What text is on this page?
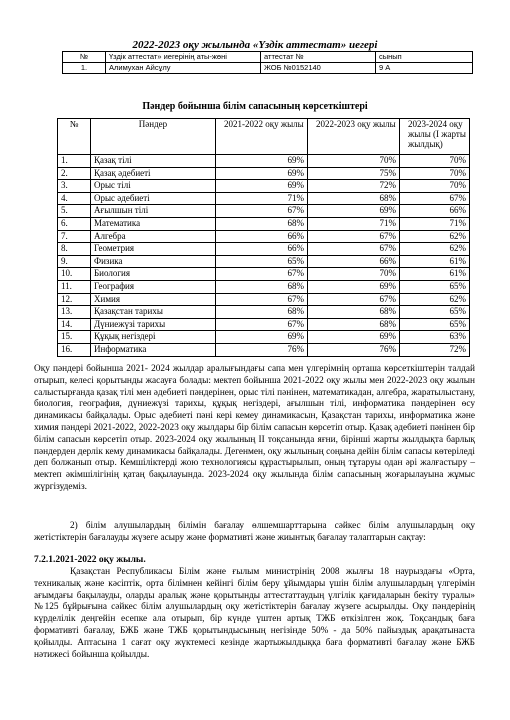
2022-2023 оқу жылында «Үздік аттестат» иегері
№	Үздік аттестат» иегерінің аты-жөні	аттестат №	сынып
1.	Алимухан Айсұлу	ЖОБ №0152140	9 А
Пәндер бойынша білім сапасының көрсеткіштері
№	Пәндер	2021-2022 оқу жылы	2022-2023 оқу жылы	2023-2024 оқу жылы (I жарты жылдық)
1.	Қазақ тілі	69%	70%	70%
2.	Қазақ әдебиеті	69%	75%	70%
3.	Орыс тілі	69%	72%	70%
4.	Орыс әдебиеті	71%	68%	67%
5.	Ағылшын тілі	67%	69%	66%
6.	Математика	68%	71%	71%
7.	Алгебра	66%	67%	62%
8.	Геометрия	66%	67%	62%
9.	Физика	65%	66%	61%
10.	Биология	67%	70%	61%
11.	География	68%	69%	65%
12.	Химия	67%	67%	62%
13.	Қазақстан тарихы	68%	68%	65%
14.	Дүниежүзі тарихы	67%	68%	65%
15.	Құқық негіздері	69%	69%	63%
16.	Информатика	76%	76%	72%
Оқу пәндері бойынша 2021- 2024 жылдар аралығындағы сапа мен үлгерімнің орташа көрсеткіштерін талдай отырып, келесі қорытынды жасауға болады: мектеп бойынша 2021-2022 оқу жылы мен 2022-2023 оқу жылын салыстырғанда қазақ тілі мен әдебиеті пәндерінен, орыс тілі пәнінен, математикадан, алгебра, жаратылыстану, биология, география, дүниежүзі тарихы, құқық негіздері, ағылшын тілі, информатика пәндерінен өсу динамикасы байқалады. Орыс әдебиеті пәні кері кемеу динамикасын, Қазақстан тарихы, информатика және химия пәндері 2021-2022, 2022-2023 оқу жылдары бір білім сапасын көрсетіп отыр. Қазақ әдебиеті пәнінен бір білім сапасын көрсетіп отыр. 2023-2024 оқу жылының II тоқсанында яғни, бірінші жарты жылдықта барлық пәндерден дерлік кему динамикасы байқалады. Дегенмен, оқу жылының соңына дейін білім сапасы көтеріледі деп болжанып отыр. Кемшіліктерді жою технологиясы құрастырылып, оның тұтаруы одан әрі жалғастыру – мектеп әкімшілігінің қатаң бақылауында. 2023-2024 оқу жылында білім сапасының жоғарылауына жұмыс жүргізудеміз.
2) білім алушылардың білімін бағалау өлшемшарттарына сәйкес білім алушылардың оқу жетістіктерін бағалауды жүзеге асыру және формативті және жиынтық бағалау талаптарын сақтау:
7.2.1.2021-2022 оқу жылы.
Қазақстан Республикасы Білім және ғылым министрінің 2008 жылғы 18 наурыздағы «Орта, техникалық және кәсіптік, орта білімнен кейінгі білім беру ұйымдары үшін білім алушылардың үлгерімін ағымдағы бақылауды, оларды аралық және қорытынды аттестаттаудың үлгілік қағидаларын бекіту туралы» №125 бұйрығына сәйкес білім алушылардың оқу жетістіктерін бағалау жүзеге асырылды. Оқу пәндерінің күрделілік деңгейін есепке ала отырып, бір күнде үштен артық ТЖБ өткізілген жоқ. Тоқсандық баға формативті бағалау, БЖБ және ТЖБ қорытындысының негізінде 50% - да 50% пайыздық арақатынаста қойылды. Аптасына 1 сағат оқу жүктемесі кезінде жартыжылдыққа баға формативті бағалау және БЖБ нәтижесі бойынша қойылды.
